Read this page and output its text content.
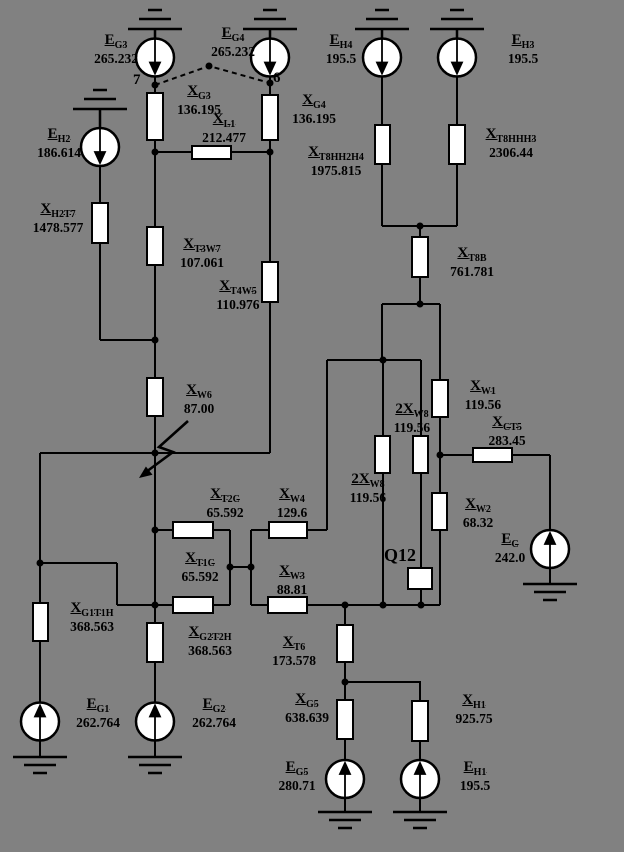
7	6
Q12
$E_{G3}$
265.232
$E_{G4}$
265.232
$E_{H4}$
195.5
$E_{H3}$
195.5
$E_{H2}$
186.614
$E_C$
242.0
$E_{G1}$
262.764
$E_{G2}$
262.764
$E_{G5}$
280.71
$E_{H1}$
195.5
$X_{G3}$
136.195
$X_{G4}$
136.195
$X_{L1}$
212.477
$X_{H2T7}$
1478.577
$X_{T3W7}$
107.061
$X_{T4W5}$
110.976
$X_{T8HH2H4}$
1975.815
$X_{T8HHH3}$
2306.44
$X_{T8B}$
761.781
$X_{W6}$
87.00
$X_{W1}$
119.56
$2X_{W8}$
119.56
$2X_{W8}$
119.56
$X_{CT5}$
283.45
$X_{W2}$
68.32
$X_{T2C}$
65.592
$X_{W4}$
129.6
$X_{T1C}$
65.592	$X_{W3}$
88.81
$X_{G1T1H}$
368.563	$X_{G2T2H}$
368.563
$X_{T6}$
173.578
$X_{G5}$
638.639
$X_{H1}$
925.75
